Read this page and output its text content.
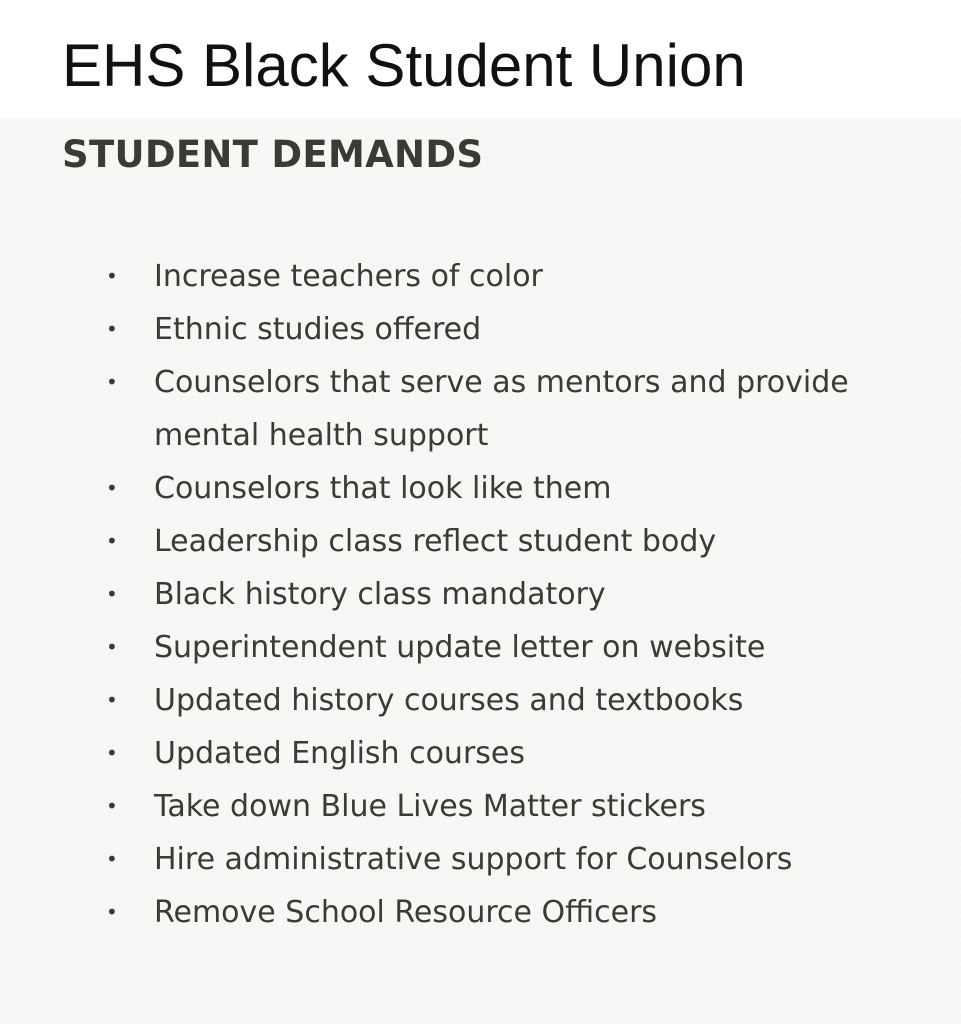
EHS Black Student Union
STUDENT DEMANDS
•	Increase teachers of color
•	Ethnic studies offered
•	Counselors that serve as mentors and provide mental health support
•	Counselors that look like them
•	Leadership class reflect student body
•	Black history class mandatory
•	Superintendent update letter on website
•	Updated history courses and textbooks
•	Updated English courses
•	Take down Blue Lives Matter stickers
•	Hire administrative support for Counselors
•	Remove School Resource Officers
